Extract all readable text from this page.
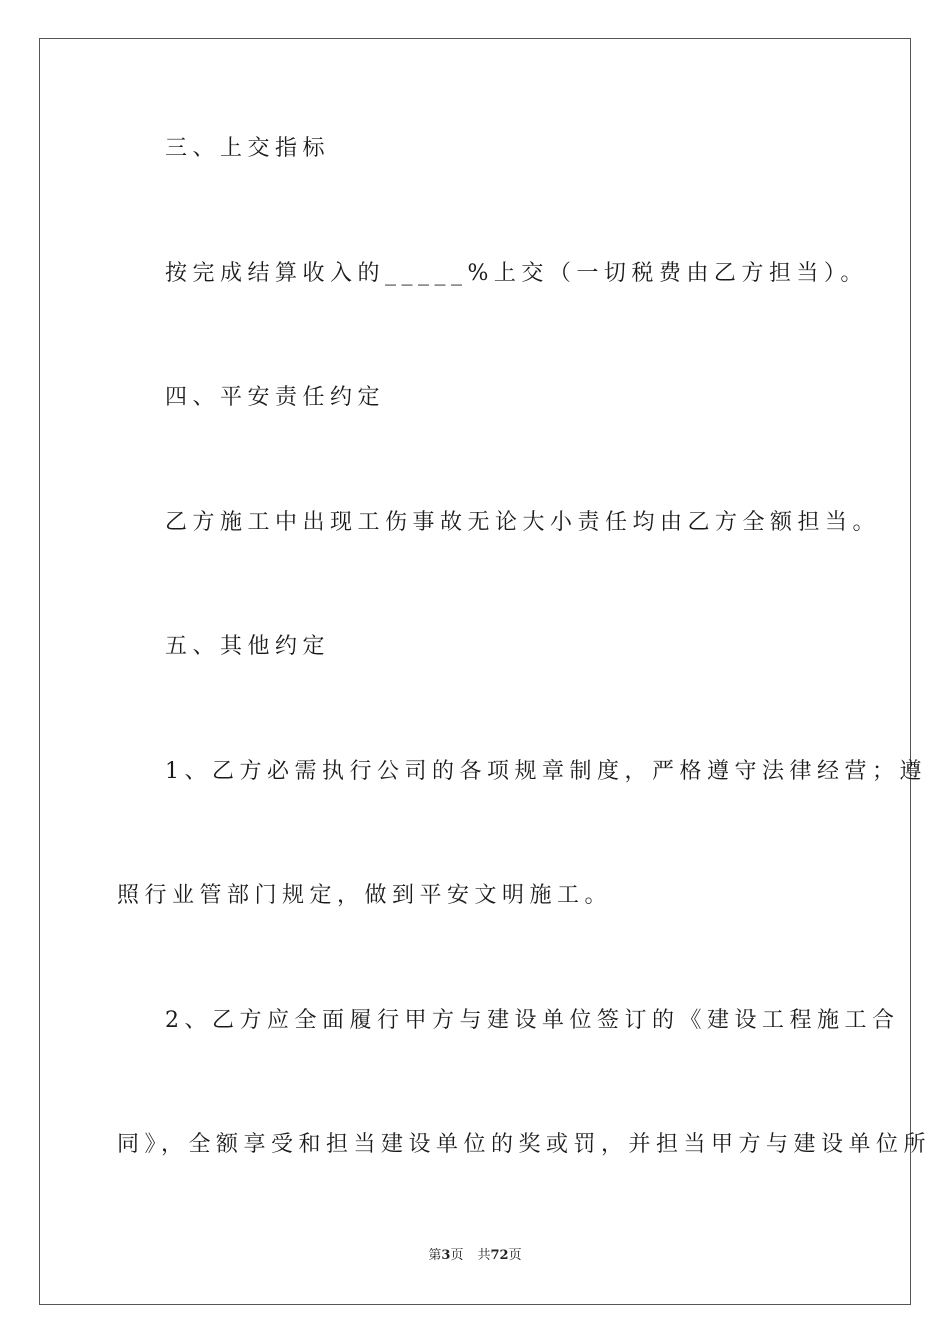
三、上交指标
按完成结算收入的_____%上交（一切税费由乙方担当）。
四、平安责任约定
乙方施工中出现工伤事故无论大小责任均由乙方全额担当。
五、其他约定
1、乙方必需执行公司的各项规章制度，严格遵守法律经营；遵
照行业管部门规定，做到平安文明施工。
2、乙方应全面履行甲方与建设单位签订的《建设工程施工合
同》，全额享受和担当建设单位的奖或罚，并担当甲方与建设单位所
第3页 共72页
